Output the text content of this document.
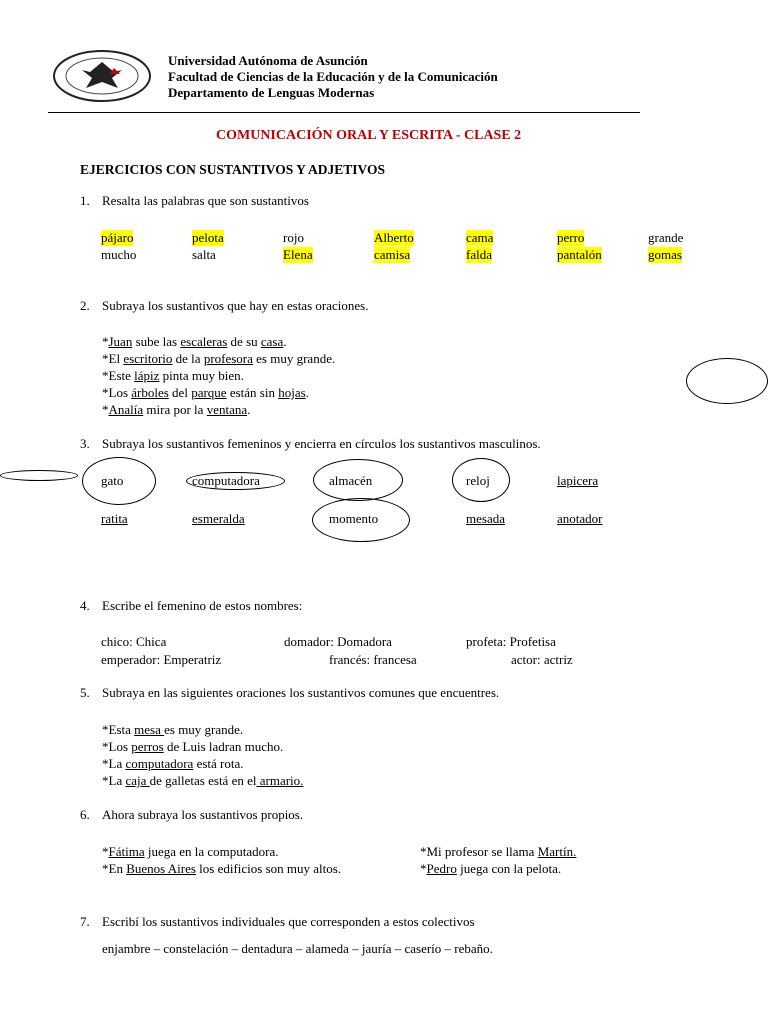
Universidad Autónoma de Asunción
Facultad de Ciencias de la Educación y de la Comunicación
Departamento de Lenguas Modernas
COMUNICACIÓN ORAL Y ESCRITA - CLASE 2
EJERCICIOS CON SUSTANTIVOS Y ADJETIVOS
1. Resalta las palabras que son sustantivos
pájaro	pelota	rojo	Alberto	cama	perro	grande
mucho	salta	Elena	camisa	falda	pantalón	gomas
2. Subraya los sustantivos que hay en estas oraciones.
*Juan sube las escaleras de su casa.
*El escritorio de la profesora es muy grande.
*Este lápiz pinta muy bien.
*Los árboles del parque están sin hojas.
*Analía mira por la ventana.
3. Subraya los sustantivos femeninos y encierra en círculos los sustantivos masculinos.
gato	computadora	almacén	reloj	lapicera
ratita	esmeralda	momento	mesada	anotador
4. Escribe el femenino de estos nombres:
chico: Chica	domador: Domadora	profeta: Profetisa
emperador: Emperatriz	francés: francesa	actor: actriz
5. Subraya en las siguientes oraciones los sustantivos comunes que encuentres.
*Esta mesa es muy grande.
*Los perros de Luis ladran mucho.
*La computadora está rota.
*La caja de galletas está en el armario.
6. Ahora subraya los sustantivos propios.
*Fátima juega en la computadora.
*En Buenos Aires los edificios son muy altos.
*Mi profesor se llama Martín.
*Pedro juega con la pelota.
7. Escribí los sustantivos individuales que corresponden a estos colectivos
enjambre – constelación – dentadura – alameda – jauría – caserío – rebaño.
